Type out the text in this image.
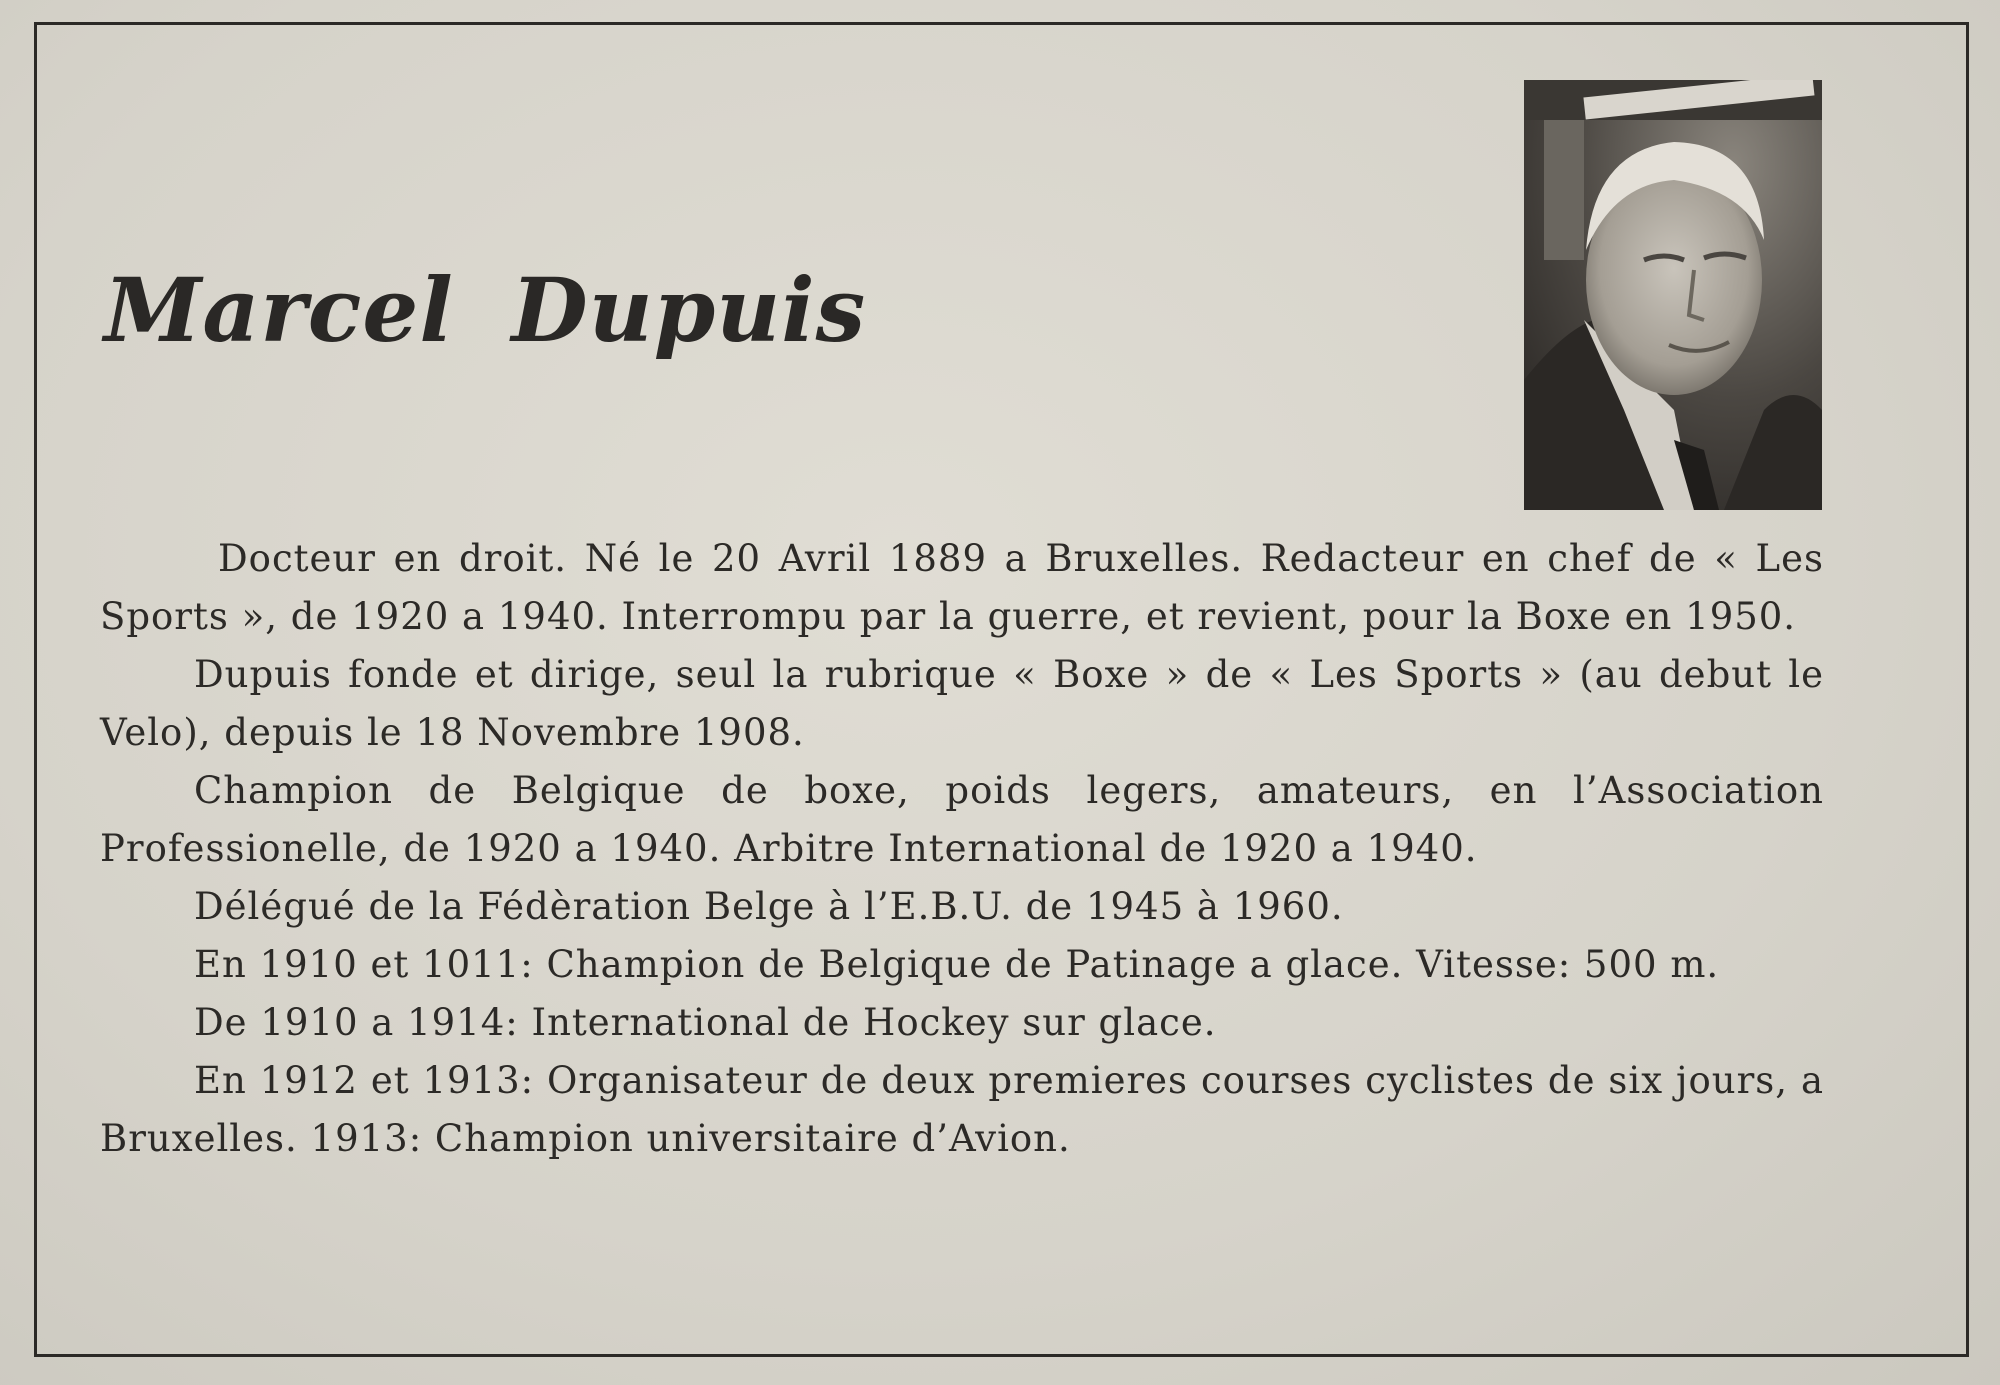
Marcel Dupuis

Docteur en droit. Né le 20 Avril 1889 a Bruxelles. Redacteur en chef de « Les Sports », de 1920 a 1940. Interrompu par la guerre, et revient, pour la Boxe en 1950.

Dupuis fonde et dirige, seul la rubrique « Boxe » de « Les Sports » (au debut le Velo), depuis le 18 Novembre 1908.

Champion de Belgique de boxe, poids legers, amateurs, en l’Association Professionelle, de 1920 a 1940. Arbitre International de 1920 a 1940.

Délégué de la Fédèration Belge à l’E.B.U. de 1945 à 1960.

En 1910 et 1011: Champion de Belgique de Patinage a glace. Vitesse: 500 m.

De 1910 a 1914: International de Hockey sur glace.

En 1912 et 1913: Organisateur de deux premieres courses cyclistes de six jours, a Bruxelles. 1913: Champion universitaire d’Avion.
